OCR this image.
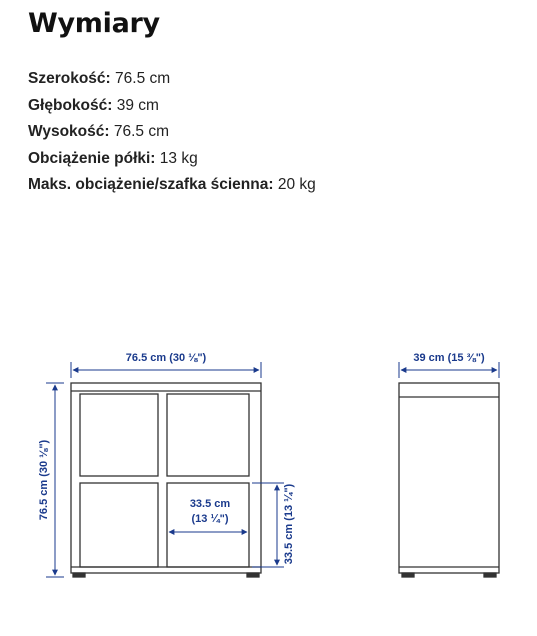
Wymiary
Szerokość: 76.5 cm
Głębokość: 39 cm
Wysokość: 76.5 cm
Obciążenie półki: 13 kg
Maks. obciążenie/szafka ścienna: 20 kg
76.5 cm (30 ⅛")
76.5 cm (30 ⅛")	33.5 cm
(13 ¼")	33.5 cm (13 ¼")
39 cm (15 ⅜")
